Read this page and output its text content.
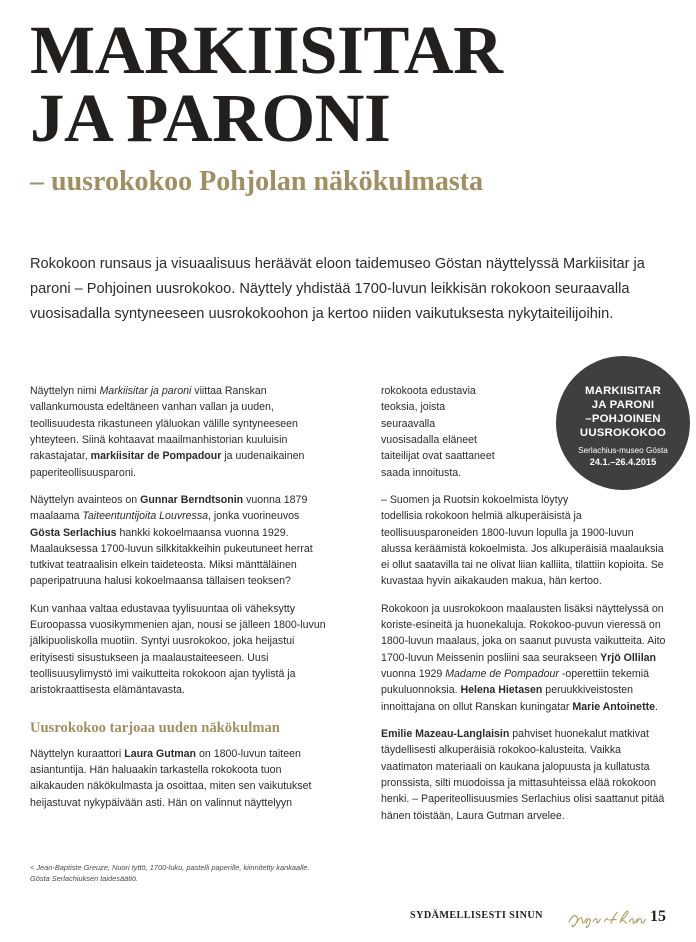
MARKIISITAR
JA PARONI
– uusrokokoo Pohjolan näkökulmasta
Rokokoon runsaus ja visuaalisuus heräävät eloon taidemuseo Göstan näyttelyssä Markiisitar ja paroni – Pohjoinen uusrokokoo. Näyttely yhdistää 1700-luvun leikkisän rokokoon seuraavalla vuosisadalla syntyneeseen uusrokokoohon ja kertoo niiden vaikutuksesta nykytaiteilijoihin.
MARKIISITAR
JA PARONI
–POHJOINEN
UUSROKOKOO
Serlachius-museo Gösta
24.1.–26.4.2015

Näyttelyn nimi Markiisitar ja paroni viittaa Ranskan vallankumousta edeltäneen vanhan vallan ja uuden, teollisuudesta rikastuneen yläluokan välille syntyneeseen yhteyteen. Siinä kohtaavat maailmanhistorian kuuluisin rakastajatar, markiisitar de Pompadour ja uudenaikainen paperiteollisuusparoni.

Näyttelyn avainteos on Gunnar Berndtsonin vuonna 1879 maalaama Taiteentuntijoita Louvressa, jonka vuorineuvos Gösta Serlachius hankki kokoelmaansa vuonna 1929. Maalauksessa 1700-luvun silkkitakkeihin pukeutuneet herrat tutkivat teatraalisin elkein taideteosta. Miksi mänttäläinen paperipatruuna halusi kokoelmaansa tällaisen teoksen?

Kun vanhaa valtaa edustavaa tyylisuuntaa oli väheksytty Euroopassa vuosikymmenien ajan, nousi se jälleen 1800-luvun jälkipuoliskolla muotiin. Syntyi uusrokokoo, joka heijastui erityisesti sisustukseen ja maalaustaiteeseen. Uusi teollisuusylimystö imi vaikutteita rokokoon ajan tyylistä ja aristokraattisesta elämäntavasta.

Uusrokokoo tarjoaa uuden näkökulman

Näyttelyn kuraattori Laura Gutman on 1800-luvun taiteen asiantuntija. Hän haluaakin tarkastella rokokoota tuon aikakauden näkökulmasta ja osoittaa, miten sen vaikutukset heijastuvat nykypäivään asti. Hän on valinnut näyttelyyn

rokokoota edustavia teoksia, joista seuraavalla vuosisadalla eläneet taiteilijat ovat saattaneet saada innoitusta.

– Suomen ja Ruotsin kokoelmista löytyy todellisia rokokoon helmiä alkuperäisistä ja teollisuusparoneiden 1800-luvun lopulla ja 1900-luvun alussa keräämistä kokoelmista. Jos alkuperäisiä maalauksia ei ollut saatavilla tai ne olivat liian kalliita, tilattiin kopioita. Se kuvastaa hyvin aikakauden makua, hän kertoo.

Rokokoon ja uusrokokoon maalausten lisäksi näyttelyssä on koriste-esineitä ja huonekaluja. Rokokoo-puvun vieressä on 1800-luvun maalaus, joka on saanut puvusta vaikutteita. Aito 1700-luvun Meissenin posliini saa seurakseen Yrjö Ollilan vuonna 1929 Madame de Pompadour -operettiin tekemiä pukuluonnoksia. Helena Hietasen peruukkiveistosten innoittajana on ollut Ranskan kuningatar Marie Antoinette.

Emilie Mazeau-Langlaisin pahviset huonekalut matkivat täydellisesti alkuperäisiä rokokoo-kalusteita. Vaikka vaatimaton materiaali on kaukana jalopuusta ja kullatusta pronssista, silti muodoissa ja mittasuhteissa elää rokokoon henki. – Paperiteollisuusmies Serlachius olisi saattanut pitää hänen töistään, Laura Gutman arvelee.

< Jean-Baptiste Greuze, Nuori tyttö, 1700-luku, pastelli paperille, kiinnitetty kankaalle. Gösta Serlachiuksen taidesäätiö.
SYDÄMELLISESTI SINUN	15
